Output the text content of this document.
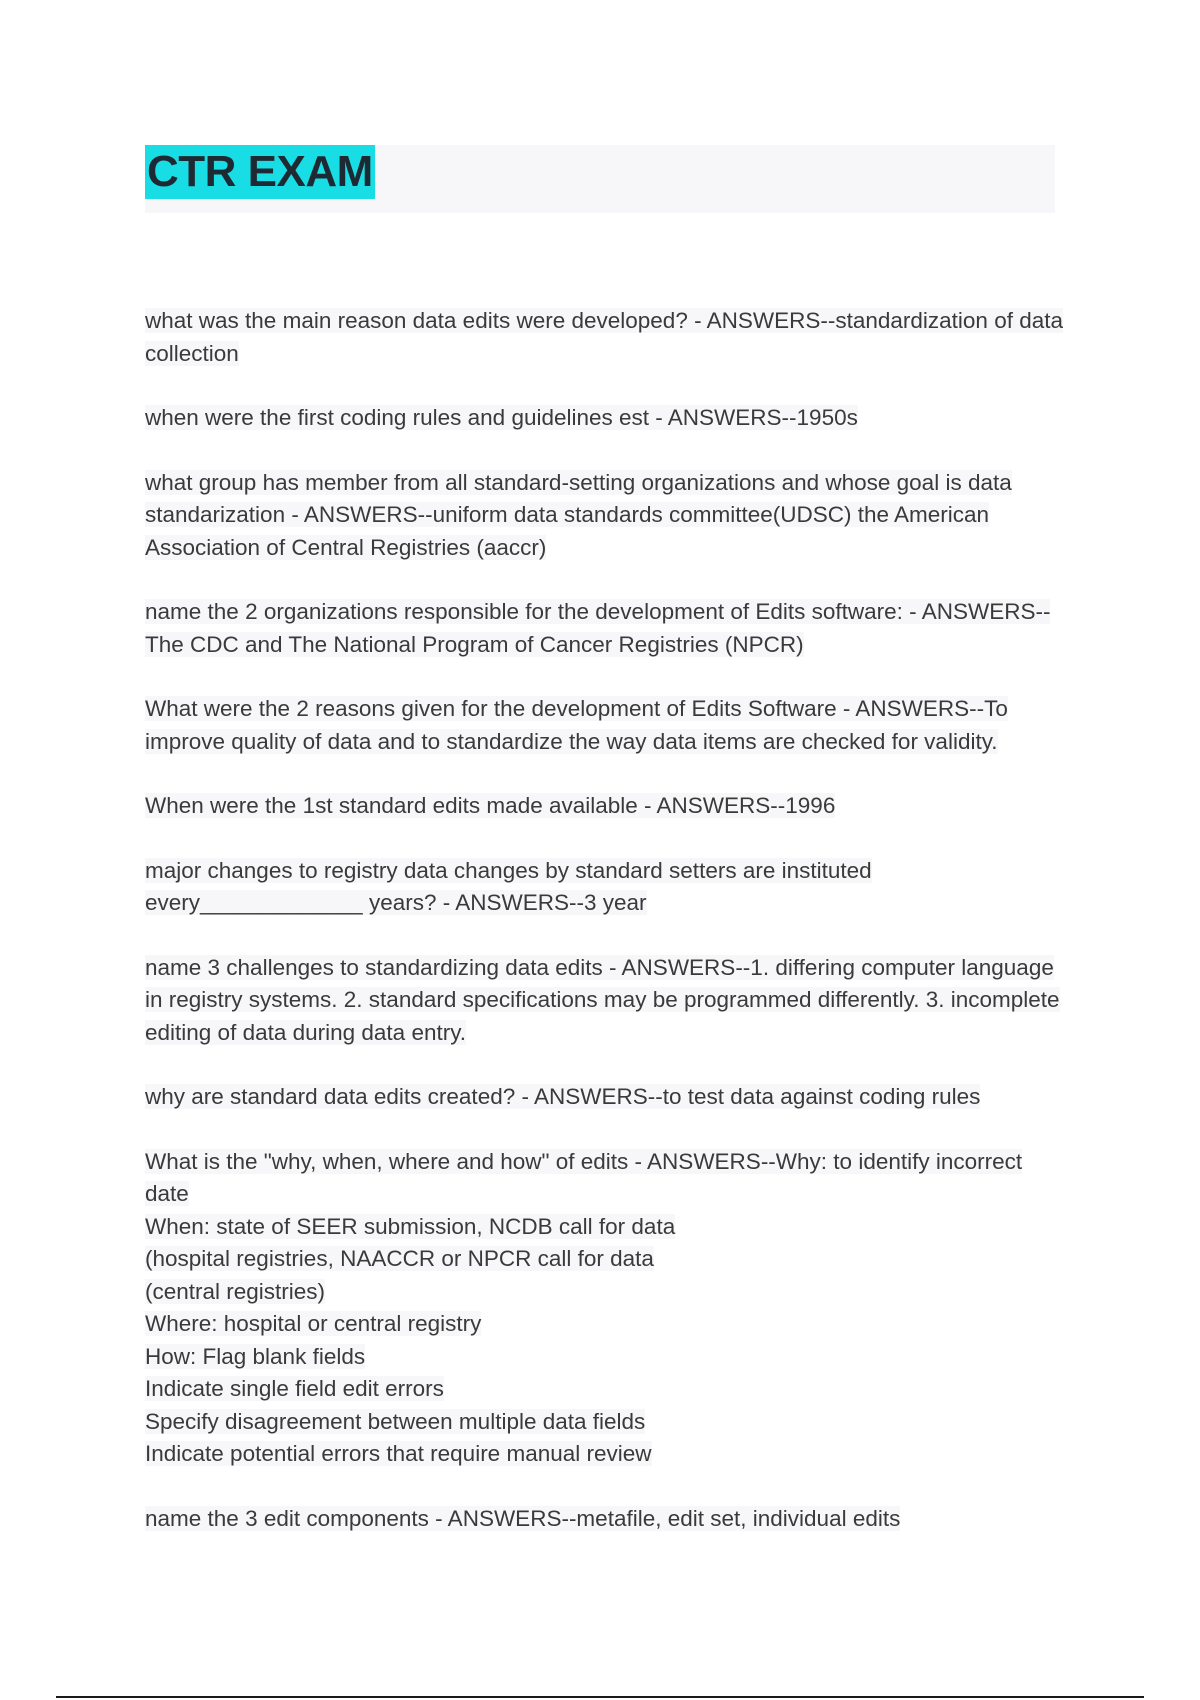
CTR EXAM

what was the main reason data edits were developed? - ANSWERS--standardization of data collection

when were the first coding rules and guidelines est - ANSWERS--1950s

what group has member from all standard-setting organizations and whose goal is data standarization - ANSWERS--uniform data standards committee(UDSC) the American Association of Central Registries (aaccr)

name the 2 organizations responsible for the development of Edits software: - ANSWERS--The CDC and The National Program of Cancer Registries (NPCR)

What were the 2 reasons given for the development of Edits Software - ANSWERS--To improve quality of data and to standardize the way data items are checked for validity.

When were the 1st standard edits made available - ANSWERS--1996

major changes to registry data changes by standard setters are instituted every_____________ years? - ANSWERS--3 year

name 3 challenges to standardizing data edits - ANSWERS--1. differing computer language in registry systems. 2. standard specifications may be programmed differently. 3. incomplete editing of data during data entry.

why are standard data edits created? - ANSWERS--to test data against coding rules

What is the "why, when, where and how" of edits - ANSWERS--Why: to identify incorrect date
When: state of SEER submission, NCDB call for data
(hospital registries, NAACCR or NPCR call for data
(central registries)
Where: hospital or central registry
How: Flag blank fields
Indicate single field edit errors
Specify disagreement between multiple data fields
Indicate potential errors that require manual review

name the 3 edit components - ANSWERS--metafile, edit set, individual edits
